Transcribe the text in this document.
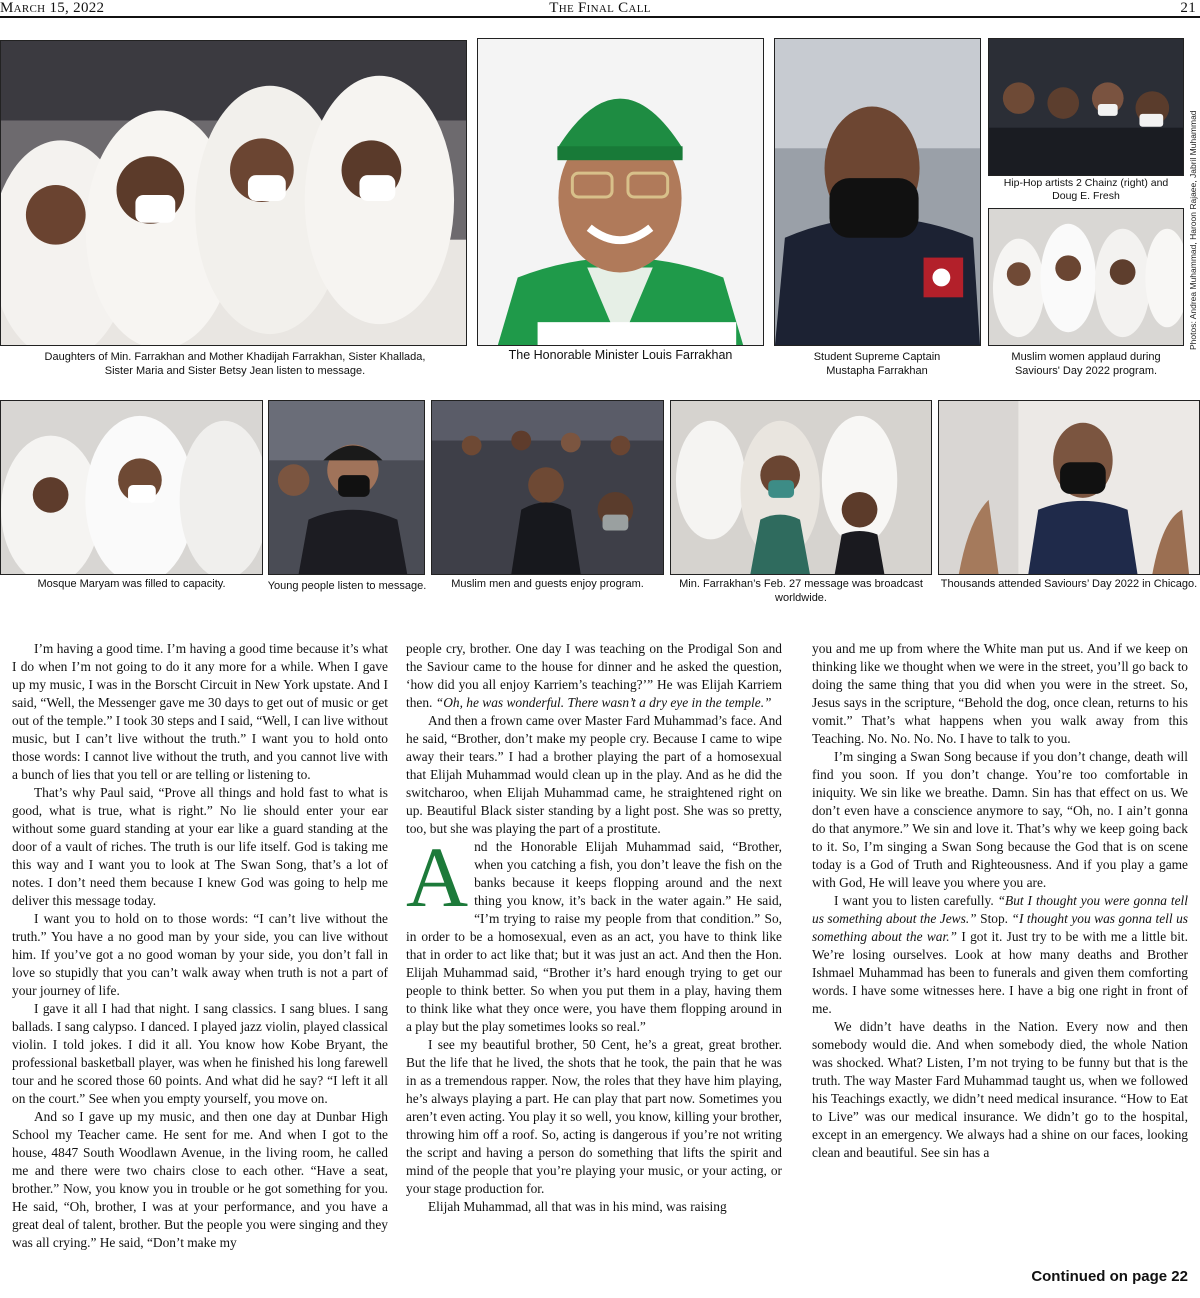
March 15, 2022	The Final Call	21
Daughters of Min. Farrakhan and Mother Khadijah Farrakhan, Sister Khallada, Sister Maria and Sister Betsy Jean listen to message.
The Honorable Minister Louis Farrakhan	Student Supreme Captain Mustapha Farrakhan
Hip-Hop artists 2 Chainz (right) and Doug E. Fresh
Muslim women applaud during Saviours' Day 2022 program.
Photos: Andrea Muhammad, Haroon Rajaee, Jabril Muhammad
Mosque Maryam was filled to capacity.	Young people listen to message.	Muslim men and guests enjoy program.	Min. Farrakhan’s Feb. 27 message was broadcast worldwide.
Thousands attended Saviours’ Day 2022 in Chicago.

I’m having a good time. I’m having a good time because it’s what I do when I’m not going to do it any more for a while. When I gave up my music, I was in the Borscht Circuit in New York upstate. And I said, “Well, the Messenger gave me 30 days to get out of music or get out of the temple.” I took 30 steps and I said, “Well, I can live without music, but I can’t live without the truth.” I want you to hold onto those words: I cannot live without the truth, and you cannot live with a bunch of lies that you tell or are telling or listening to.

That’s why Paul said, “Prove all things and hold fast to what is good, what is true, what is right.” No lie should enter your ear without some guard standing at your ear like a guard standing at the door of a vault of riches. The truth is our life itself. God is taking me this way and I want you to look at The Swan Song, that’s a lot of notes. I don’t need them because I knew God was going to help me deliver this message today.

I want you to hold on to those words: “I can’t live without the truth.” You have a no good man by your side, you can live without him. If you’ve got a no good woman by your side, you don’t fall in love so stupidly that you can’t walk away when truth is not a part of your journey of life.

I gave it all I had that night. I sang classics. I sang blues. I sang ballads. I sang calypso. I danced. I played jazz violin, played classical violin. I told jokes. I did it all. You know how Kobe Bryant, the professional basketball player, was when he finished his long farewell tour and he scored those 60 points. And what did he say? “I left it all on the court.” See when you empty yourself, you move on.

And so I gave up my music, and then one day at Dunbar High School my Teacher came. He sent for me. And when I got to the house, 4847 South Woodlawn Avenue, in the living room, he called me and there were two chairs close to each other. “Have a seat, brother.” Now, you know you in trouble or he got something for you. He said, “Oh, brother, I was at your performance, and you have a great deal of talent, brother. But the people you were singing and they was all crying.” He said, “Don’t make my

people cry, brother. One day I was teaching on the Prodigal Son and the Saviour came to the house for dinner and he asked the question, ‘how did you all enjoy Karriem’s teaching?’” He was Elijah Karriem then. “Oh, he was wonderful. There wasn’t a dry eye in the temple.”

And then a frown came over Master Fard Muhammad’s face. And he said, “Brother, don’t make my people cry. Because I came to wipe away their tears.” I had a brother playing the part of a homosexual that Elijah Muhammad would clean up in the play. And as he did the switcharoo, when Elijah Muhammad came, he straightened right on up. Beautiful Black sister standing by a light post. She was so pretty, too, but she was playing the part of a prostitute.

And the Honorable Elijah Muhammad said, “Brother, when you catching a fish, you don’t leave the fish on the banks because it keeps flopping around and the next thing you know, it’s back in the water again.” He said, “I’m trying to raise my people from that condition.” So, in order to be a homosexual, even as an act, you have to think like that in order to act like that; but it was just an act. And then the Hon. Elijah Muhammad said, “Brother it’s hard enough trying to get our people to think better. So when you put them in a play, having them to think like what they once were, you have them flopping around in a play but the play sometimes looks so real.”

I see my beautiful brother, 50 Cent, he’s a great, great brother. But the life that he lived, the shots that he took, the pain that he was in as a tremendous rapper. Now, the roles that they have him playing, he’s always playing a part. He can play that part now. Sometimes you aren’t even acting. You play it so well, you know, killing your brother, throwing him off a roof. So, acting is dangerous if you’re not writing the script and having a person do something that lifts the spirit and mind of the people that you’re playing your music, or your acting, or your stage production for.

Elijah Muhammad, all that was in his mind, was raising

you and me up from where the White man put us. And if we keep on thinking like we thought when we were in the street, you’ll go back to doing the same thing that you did when you were in the street. So, Jesus says in the scripture, “Behold the dog, once clean, returns to his vomit.” That’s what happens when you walk away from this Teaching. No. No. No. No. I have to talk to you.

I’m singing a Swan Song because if you don’t change, death will find you soon. If you don’t change. You’re too comfortable in iniquity. We sin like we breathe. Damn. Sin has that effect on us. We don’t even have a conscience anymore to say, “Oh, no. I ain’t gonna do that anymore.” We sin and love it. That’s why we keep going back to it. So, I’m singing a Swan Song because the God that is on scene today is a God of Truth and Righteousness. And if you play a game with God, He will leave you where you are.

I want you to listen carefully. “But I thought you were gonna tell us something about the Jews.” Stop. “I thought you was gonna tell us something about the war.” I got it. Just try to be with me a little bit. We’re losing ourselves. Look at how many deaths and Brother Ishmael Muhammad has been to funerals and given them comforting words. I have some witnesses here. I have a big one right in front of me.

We didn’t have deaths in the Nation. Every now and then somebody would die. And when somebody died, the whole Nation was shocked. What? Listen, I’m not trying to be funny but that is the truth. The way Master Fard Muhammad taught us, when we followed his Teachings exactly, we didn’t need medical insurance. “How to Eat to Live” was our medical insurance. We didn’t go to the hospital, except in an emergency. We always had a shine on our faces, looking clean and beautiful. See sin has a

Continued on page 22
